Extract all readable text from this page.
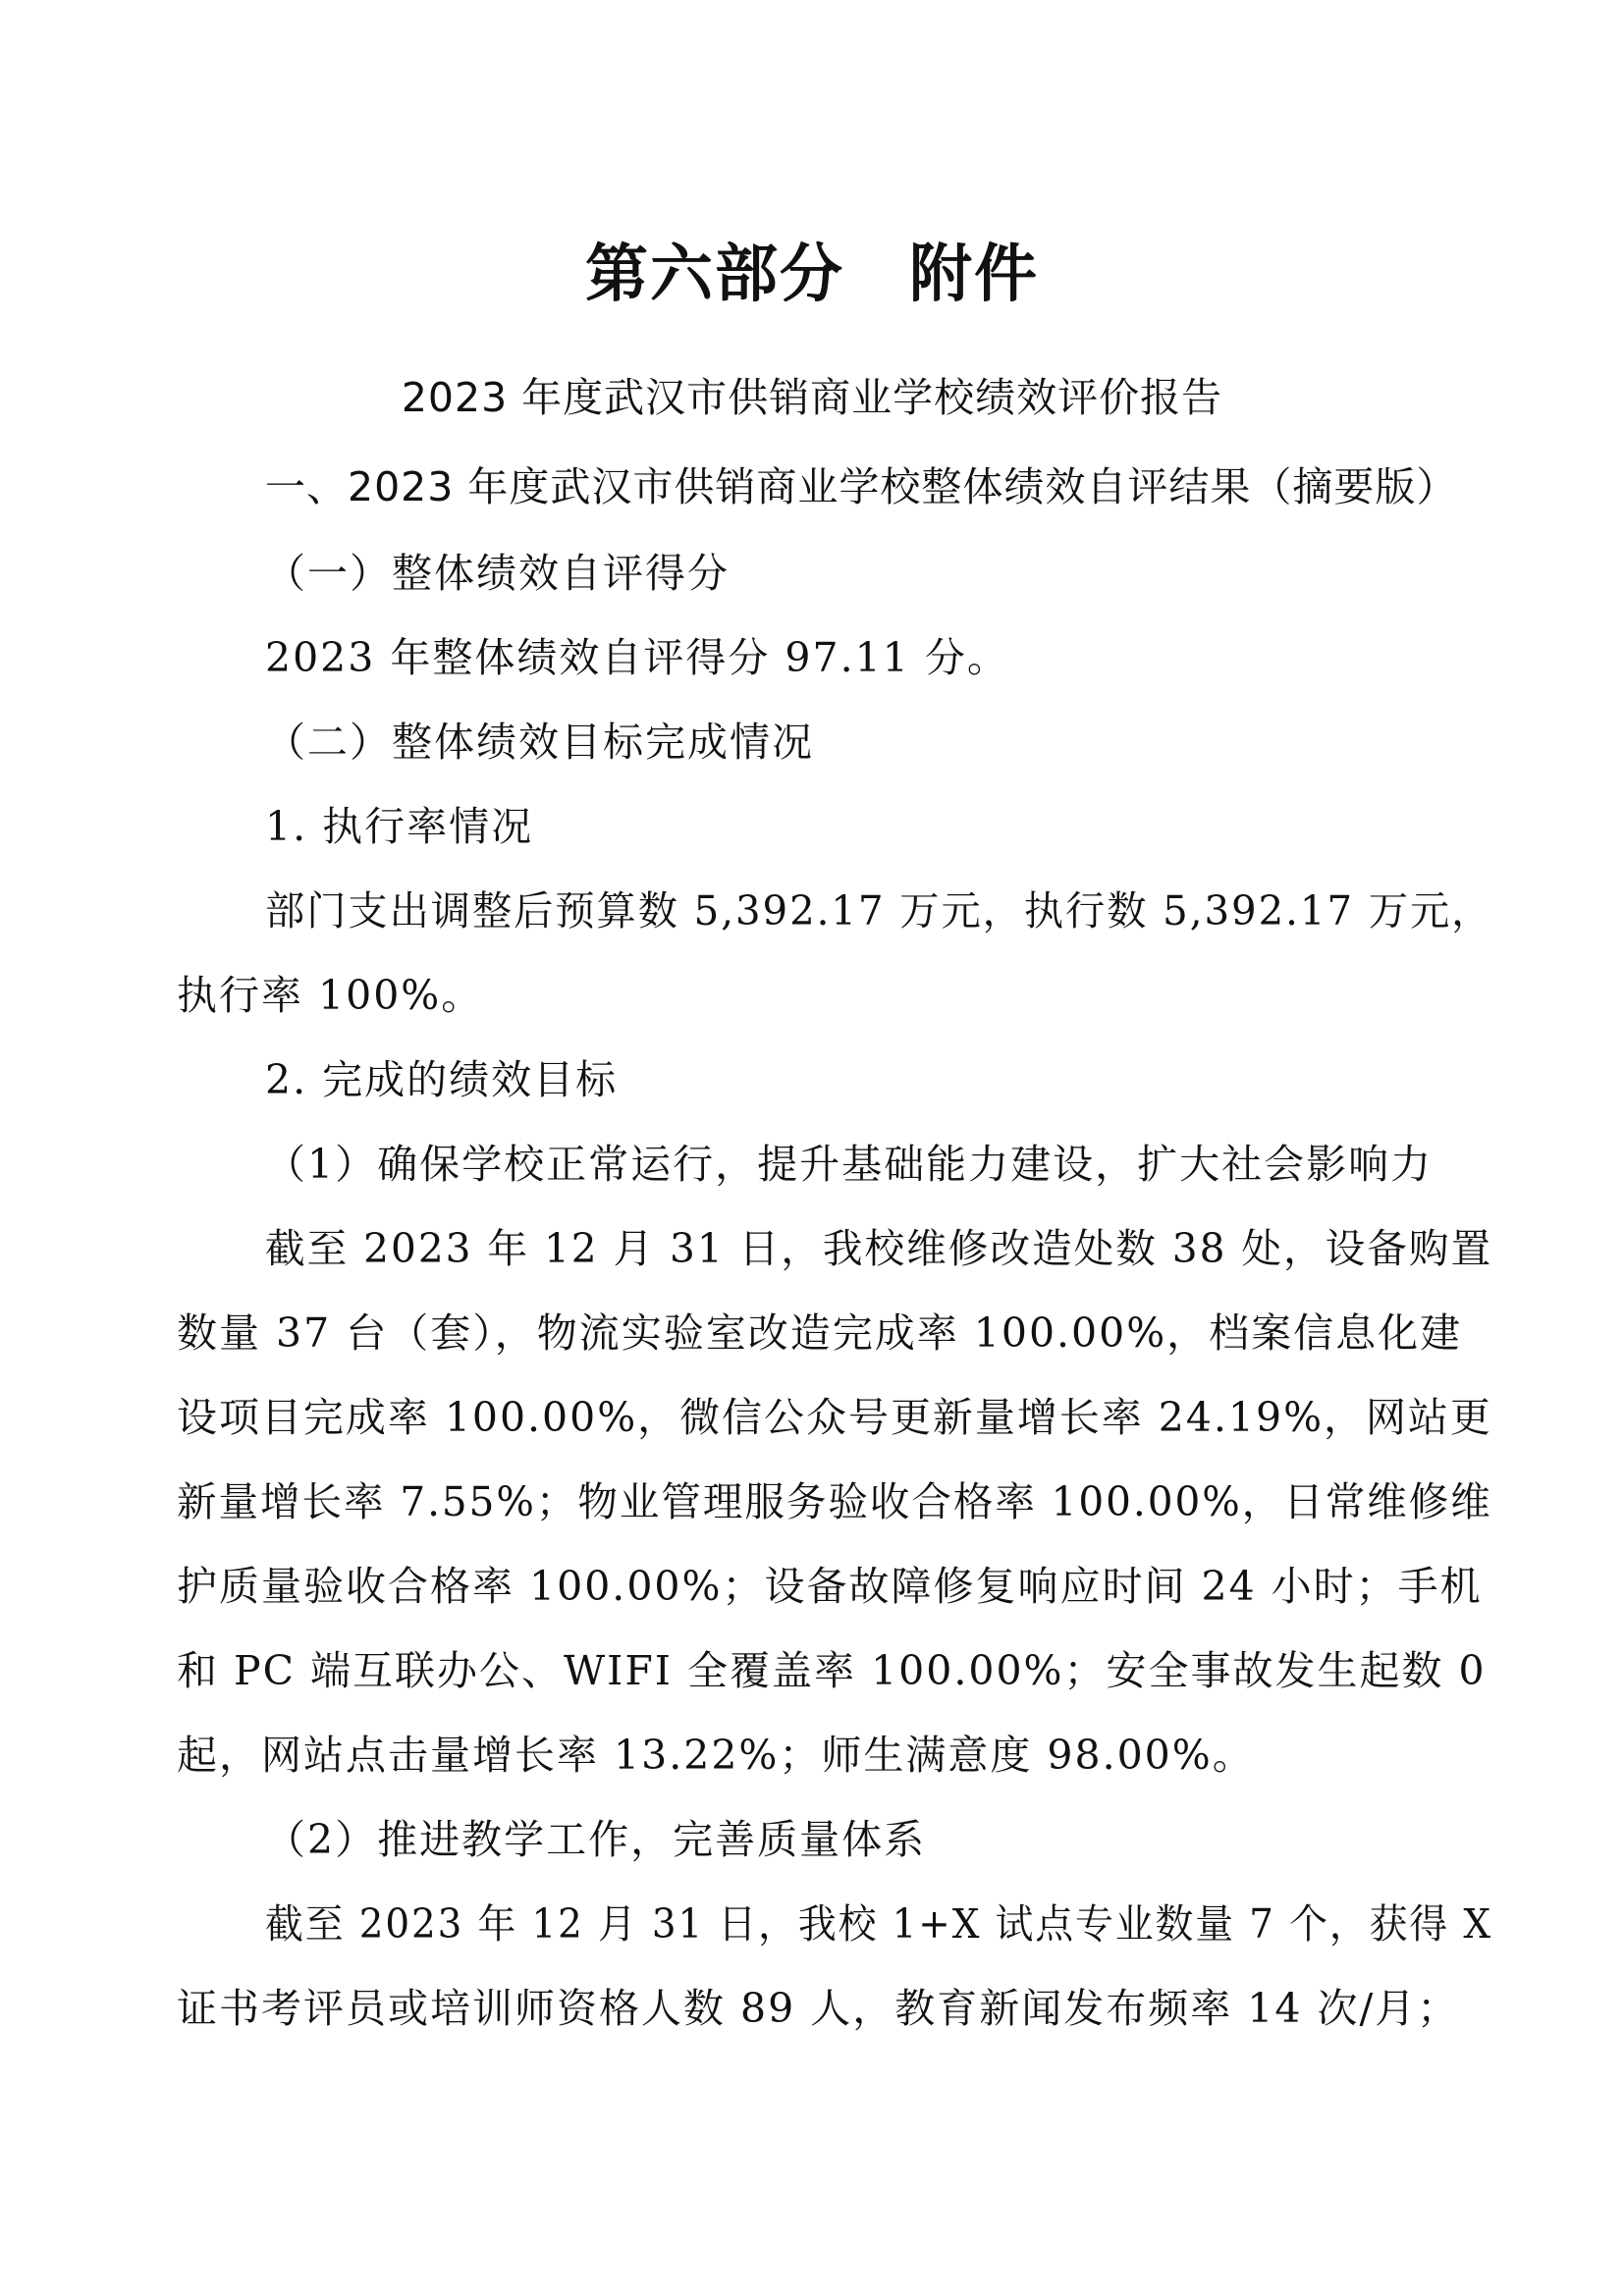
第六部分　附件
2023 年度武汉市供销商业学校绩效评价报告
一、2023 年度武汉市供销商业学校整体绩效自评结果（摘要版）
（一）整体绩效自评得分
2023 年整体绩效自评得分 97.11 分。
（二）整体绩效目标完成情况
1. 执行率情况
部门支出调整后预算数 5,392.17 万元，执行数 5,392.17 万元，
执行率 100%。
2. 完成的绩效目标
（1）确保学校正常运行，提升基础能力建设，扩大社会影响力
截至 2023 年 12 月 31 日，我校维修改造处数 38 处，设备购置
数量 37 台（套），物流实验室改造完成率 100.00%，档案信息化建
设项目完成率 100.00%，微信公众号更新量增长率 24.19%，网站更
新量增长率 7.55%；物业管理服务验收合格率 100.00%，日常维修维
护质量验收合格率 100.00%；设备故障修复响应时间 24 小时；手机
和 PC 端互联办公、WIFI 全覆盖率 100.00%；安全事故发生起数 0
起，网站点击量增长率 13.22%；师生满意度 98.00%。
（2）推进教学工作，完善质量体系
截至 2023 年 12 月 31 日，我校 1+X 试点专业数量 7 个，获得 X
证书考评员或培训师资格人数 89 人，教育新闻发布频率 14 次/月；
